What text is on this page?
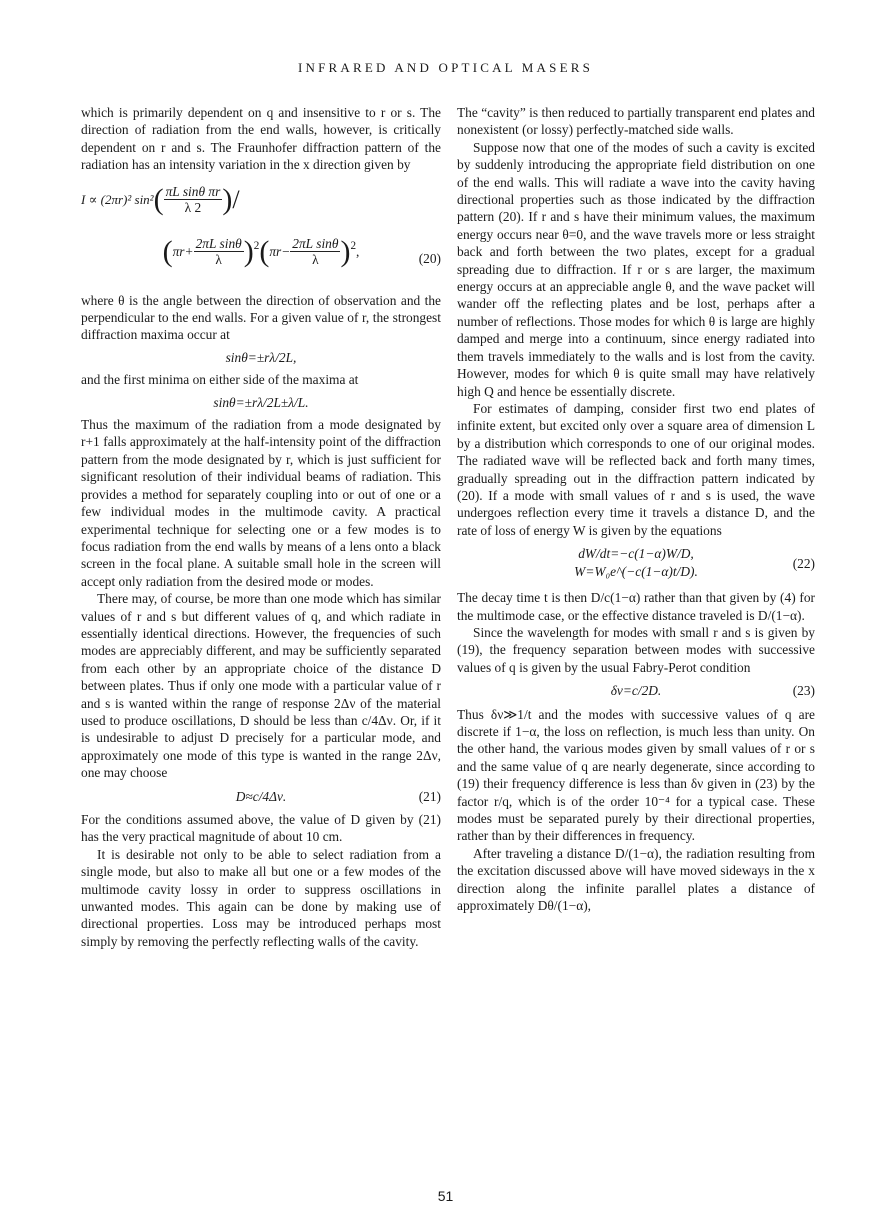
INFRARED AND OPTICAL MASERS

which is primarily dependent on q and insensitive to r or s. The direction of radiation from the end walls, however, is critically dependent on r and s. The Fraunhofer diffraction pattern of the radiation has an intensity variation in the x direction given by

I ∝ (2πr)² $\sin^2( \frac{\text{πL sinθ πr}}{\lambda 2}$ )/
$(\pi r+ \frac{\text{2πL sinθ}}{\lambda} )^2(\pi r- \frac{\text{2πL sinθ}}{\lambda} )^2$,	(20)

where θ is the angle between the direction of observation and the perpendicular to the end walls. For a given value of r, the strongest diffraction maxima occur at

sinθ=±rλ/2L,

and the first minima on either side of the maxima at

sinθ=±rλ/2L±λ/L.

Thus the maximum of the radiation from a mode designated by r+1 falls approximately at the half-intensity point of the diffraction pattern from the mode designated by r, which is just sufficient for significant resolution of their individual beams of radiation. This provides a method for separately coupling into or out of one or a few individual modes in the multimode cavity. A practical experimental technique for selecting one or a few modes is to focus radiation from the end walls by means of a lens onto a black screen in the focal plane. A suitable small hole in the screen will accept only radiation from the desired mode or modes.

There may, of course, be more than one mode which has similar values of r and s but different values of q, and which radiate in essentially identical directions. However, the frequencies of such modes are appreciably different, and may be sufficiently separated from each other by an appropriate choice of the distance D between plates. Thus if only one mode with a particular value of r and s is wanted within the range of response 2Δν of the material used to produce oscillations, D should be less than c/4Δν. Or, if it is undesirable to adjust D precisely for a particular mode, and approximately one mode of this type is wanted in the range 2Δν, one may choose

D≈c/4Δν.	(21)

For the conditions assumed above, the value of D given by (21) has the very practical magnitude of about 10 cm.

It is desirable not only to be able to select radiation from a single mode, but also to make all but one or a few modes of the multimode cavity lossy in order to suppress oscillations in unwanted modes. This again can be done by making use of directional properties. Loss may be introduced perhaps most simply by removing the perfectly reflecting walls of the cavity.

The “cavity” is then reduced to partially transparent end plates and nonexistent (or lossy) perfectly-matched side walls.

Suppose now that one of the modes of such a cavity is excited by suddenly introducing the appropriate field distribution on one of the end walls. This will radiate a wave into the cavity having directional properties such as those indicated by the diffraction pattern (20). If r and s have their minimum values, the maximum energy occurs near θ=0, and the wave travels more or less straight back and forth between the two plates, except for a gradual spreading due to diffraction. If r or s are larger, the maximum energy occurs at an appreciable angle θ, and the wave packet will wander off the reflecting plates and be lost, perhaps after a number of reflections. Those modes for which θ is large are highly damped and merge into a continuum, since energy radiated into them travels immediately to the walls and is lost from the cavity. However, modes for which θ is quite small may have relatively high Q and hence be essentially discrete.

For estimates of damping, consider first two end plates of infinite extent, but excited only over a square area of dimension L by a distribution which corresponds to one of our original modes. The radiated wave will be reflected back and forth many times, gradually spreading out in the diffraction pattern indicated by (20). If a mode with small values of r and s is used, the wave undergoes reflection every time it travels a distance D, and the rate of loss of energy W is given by the equations

dW/dt=−c(1−α)W/D,
W=W₀e^(−c(1−α)t/D).	(22)

The decay time t is then D/c(1−α) rather than that given by (4) for the multimode case, or the effective distance traveled is D/(1−α).

Since the wavelength for modes with small r and s is given by (19), the frequency separation between modes with successive values of q is given by the usual Fabry-Perot condition

δν=c/2D.	(23)

Thus δν≫1/t and the modes with successive values of q are discrete if 1−α, the loss on reflection, is much less than unity. On the other hand, the various modes given by small values of r or s and the same value of q are nearly degenerate, since according to (19) their frequency difference is less than δν given in (23) by the factor r/q, which is of the order 10⁻⁴ for a typical case. These modes must be separated purely by their directional properties, rather than by their differences in frequency.

After traveling a distance D/(1−α), the radiation resulting from the excitation discussed above will have moved sideways in the x direction along the infinite parallel plates a distance of approximately Dθ/(1−α),

51
